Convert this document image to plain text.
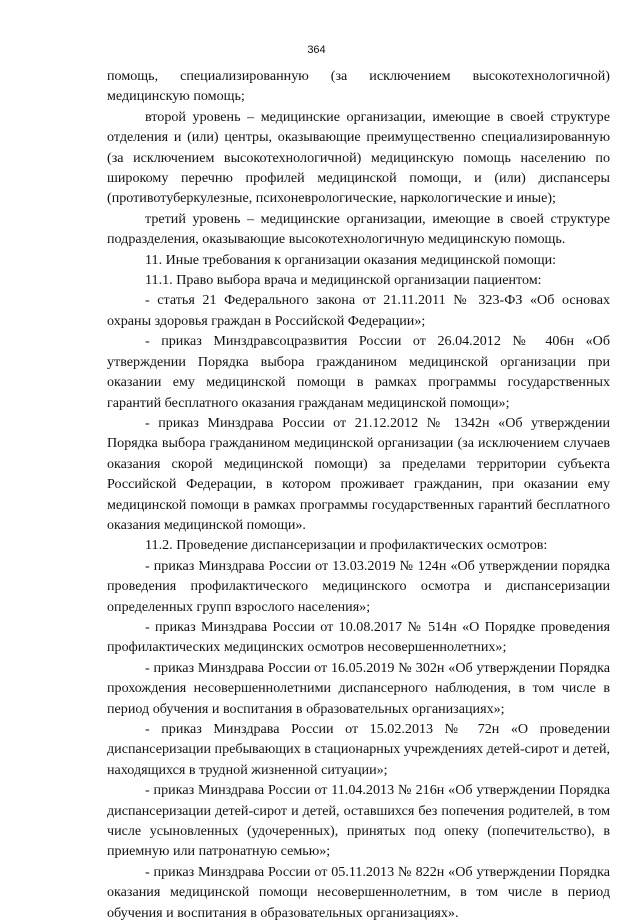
364

помощь, специализированную (за исключением высокотехнологичной) медицинскую помощь;

второй уровень – медицинские организации, имеющие в своей структуре отделения и (или) центры, оказывающие преимущественно специализированную (за исключением высокотехнологичной) медицинскую помощь населению по широкому перечню профилей медицинской помощи, и (или) диспансеры (противотуберкулезные, психоневрологические, наркологические и иные);

третий уровень – медицинские организации, имеющие в своей структуре подразделения, оказывающие высокотехнологичную медицинскую помощь.

11. Иные требования к организации оказания медицинской помощи:

11.1. Право выбора врача и медицинской организации пациентом:

- статья 21 Федерального закона от 21.11.2011 № 323-ФЗ «Об основах охраны здоровья граждан в Российской Федерации»;

- приказ Минздравсоцразвития России от 26.04.2012 № 406н «Об утверждении Порядка выбора гражданином медицинской организации при оказании ему медицинской помощи в рамках программы государственных гарантий бесплатного оказания гражданам медицинской помощи»;

- приказ Минздрава России от 21.12.2012 № 1342н «Об утверждении Порядка выбора гражданином медицинской организации (за исключением случаев оказания скорой медицинской помощи) за пределами территории субъекта Российской Федерации, в котором проживает гражданин, при оказании ему медицинской помощи в рамках программы государственных гарантий бесплатного оказания медицинской помощи».

11.2. Проведение диспансеризации и профилактических осмотров:

- приказ Минздрава России от 13.03.2019 № 124н «Об утверждении порядка проведения профилактического медицинского осмотра и диспансеризации определенных групп взрослого населения»;

- приказ Минздрава России от 10.08.2017 № 514н «О Порядке проведения профилактических медицинских осмотров несовершеннолетних»;

- приказ Минздрава России от 16.05.2019 № 302н «Об утверждении Порядка прохождения несовершеннолетними диспансерного наблюдения, в том числе в период обучения и воспитания в образовательных организациях»;

- приказ Минздрава России от 15.02.2013 № 72н «О проведении диспансеризации пребывающих в стационарных учреждениях детей-сирот и детей, находящихся в трудной жизненной ситуации»;

- приказ Минздрава России от 11.04.2013 № 216н «Об утверждении Порядка диспансеризации детей-сирот и детей, оставшихся без попечения родителей, в том числе усыновленных (удочеренных), принятых под опеку (попечительство), в приемную или патронатную семью»;

- приказ Минздрава России от 05.11.2013 № 822н «Об утверждении Порядка оказания медицинской помощи несовершеннолетним, в том числе в период обучения и воспитания в образовательных организациях».
